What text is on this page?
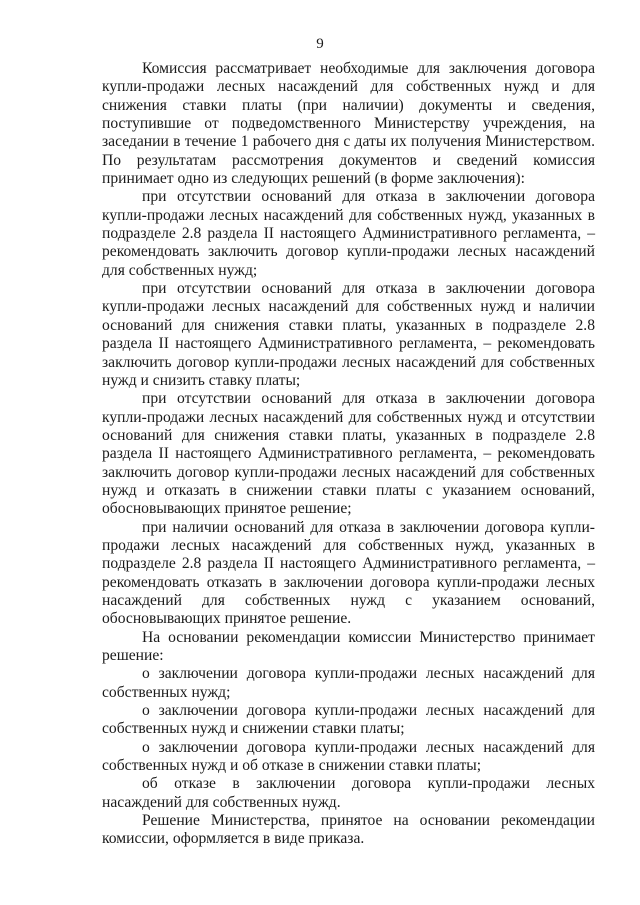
9

Комиссия рассматривает необходимые для заключения договора купли-продажи лесных насаждений для собственных нужд и для снижения ставки платы (при наличии) документы и сведения, поступившие от подведомственного Министерству учреждения, на заседании в течение 1 рабочего дня с даты их получения Министерством. По результатам рассмотрения документов и сведений комиссия принимает одно из следующих решений (в форме заключения):

при отсутствии оснований для отказа в заключении договора купли-продажи лесных насаждений для собственных нужд, указанных в подразделе 2.8 раздела II настоящего Административного регламента, – рекомендовать заключить договор купли-продажи лесных насаждений для собственных нужд;

при отсутствии оснований для отказа в заключении договора купли-продажи лесных насаждений для собственных нужд и наличии оснований для снижения ставки платы, указанных в подразделе 2.8 раздела II настоящего Административного регламента, – рекомендовать заключить договор купли-продажи лесных насаждений для собственных нужд и снизить ставку платы;

при отсутствии оснований для отказа в заключении договора купли-продажи лесных насаждений для собственных нужд и отсутствии оснований для снижения ставки платы, указанных в подразделе 2.8 раздела II настоящего Административного регламента, – рекомендовать заключить договор купли-продажи лесных насаждений для собственных нужд и отказать в снижении ставки платы с указанием оснований, обосновывающих принятое решение;

при наличии оснований для отказа в заключении договора купли-продажи лесных насаждений для собственных нужд, указанных в подразделе 2.8 раздела II настоящего Административного регламента, – рекомендовать отказать в заключении договора купли-продажи лесных насаждений для собственных нужд с указанием оснований, обосновывающих принятое решение.

На основании рекомендации комиссии Министерство принимает решение:

о заключении договора купли-продажи лесных насаждений для собственных нужд;

о заключении договора купли-продажи лесных насаждений для собственных нужд и снижении ставки платы;

о заключении договора купли-продажи лесных насаждений для собственных нужд и об отказе в снижении ставки платы;

об отказе в заключении договора купли-продажи лесных насаждений для собственных нужд.

Решение Министерства, принятое на основании рекомендации комиссии, оформляется в виде приказа.
